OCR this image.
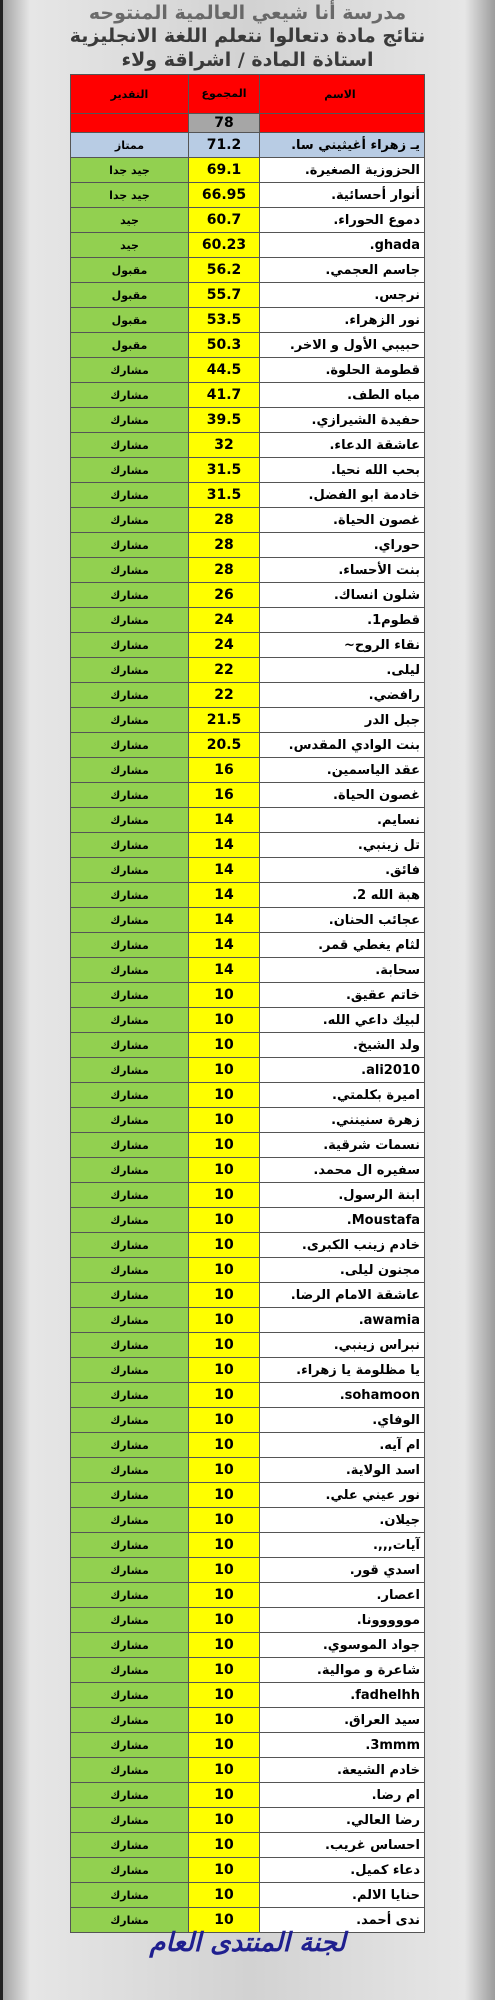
مدرسة أنا شيعي العالمية المنتوحه
نتائج مادة دتعالوا نتعلم اللغة الانجليزية
استاذة المادة / اشراقة ولاء
الاسم	المجموع	التقدير
	78	
يـ زهراء أغيثيني سا.	71.2	ممتاز
الحزوزية الصغيرة.	69.1	جيد جدا
أنوار أحسائية.	66.95	جيد جدا
دموع الحوراء.	60.7	جيد
ghada.	60.23	جيد
جاسم العجمي.	56.2	مقبول
نرجس.	55.7	مقبول
نور الزهراء.	53.5	مقبول
حبيبي الأول و الاخر.	50.3	مقبول
قطومة الحلوة.	44.5	مشارك
مياه الطف.	41.7	مشارك
حفيدة الشيرازي.	39.5	مشارك
عاشقة الدعاء.	32	مشارك
بحب الله نحيا.	31.5	مشارك
خادمة ابو الفضل.	31.5	مشارك
غصون الحياة.	28	مشارك
حوراي.	28	مشارك
بنت الأحساء.	28	مشارك
شلون انساك.	26	مشارك
قطوم1.	24	مشارك
نقاء الروح~	24	مشارك
ليلى.	22	مشارك
رافضي.	22	مشارك
جبل الدر	21.5	مشارك
بنت الوادي المقدس.	20.5	مشارك
عقد الياسمين.	16	مشارك
غصون الحياة.	16	مشارك
نسايم.	14	مشارك
تل زينبي.	14	مشارك
فائق.	14	مشارك
هبة الله 2.	14	مشارك
عجائب الحنان.	14	مشارك
لثام يغطي قمر.	14	مشارك
سحابة.	14	مشارك
خاتم عقيق.	10	مشارك
لبيك داعي الله.	10	مشارك
ولد الشيخ.	10	مشارك
ali2010.	10	مشارك
اميرة بكلمتي.	10	مشارك
زهرة سنينني.	10	مشارك
نسمات شرقية.	10	مشارك
سفيره ال محمد.	10	مشارك
ابنة الرسول.	10	مشارك
Moustafa.	10	مشارك
خادم زينب الكبرى.	10	مشارك
مجنون ليلى.	10	مشارك
عاشقة الامام الرضا.	10	مشارك
awamia.	10	مشارك
نبراس زينبي.	10	مشارك
يا مظلومة يا زهراء.	10	مشارك
sohamoon.	10	مشارك
الوفاي.	10	مشارك
ام آيه.	10	مشارك
اسد الولاية.	10	مشارك
نور عيني علي.	10	مشارك
جيلان.	10	مشارك
آيات,,,.	10	مشارك
اسدي قور.	10	مشارك
اعصار.	10	مشارك
مووووونا.	10	مشارك
جواد الموسوي.	10	مشارك
شاعرة و موالية.	10	مشارك
fadhelhh.	10	مشارك
سيد العراق.	10	مشارك
3mmm.	10	مشارك
خادم الشيعة.	10	مشارك
ام رضا.	10	مشارك
رضا العالي.	10	مشارك
احساس غريب.	10	مشارك
دعاء كميل.	10	مشارك
حنايا الالم.	10	مشارك
ندى أحمد.	10	مشارك
لجنة المنتدى العام
